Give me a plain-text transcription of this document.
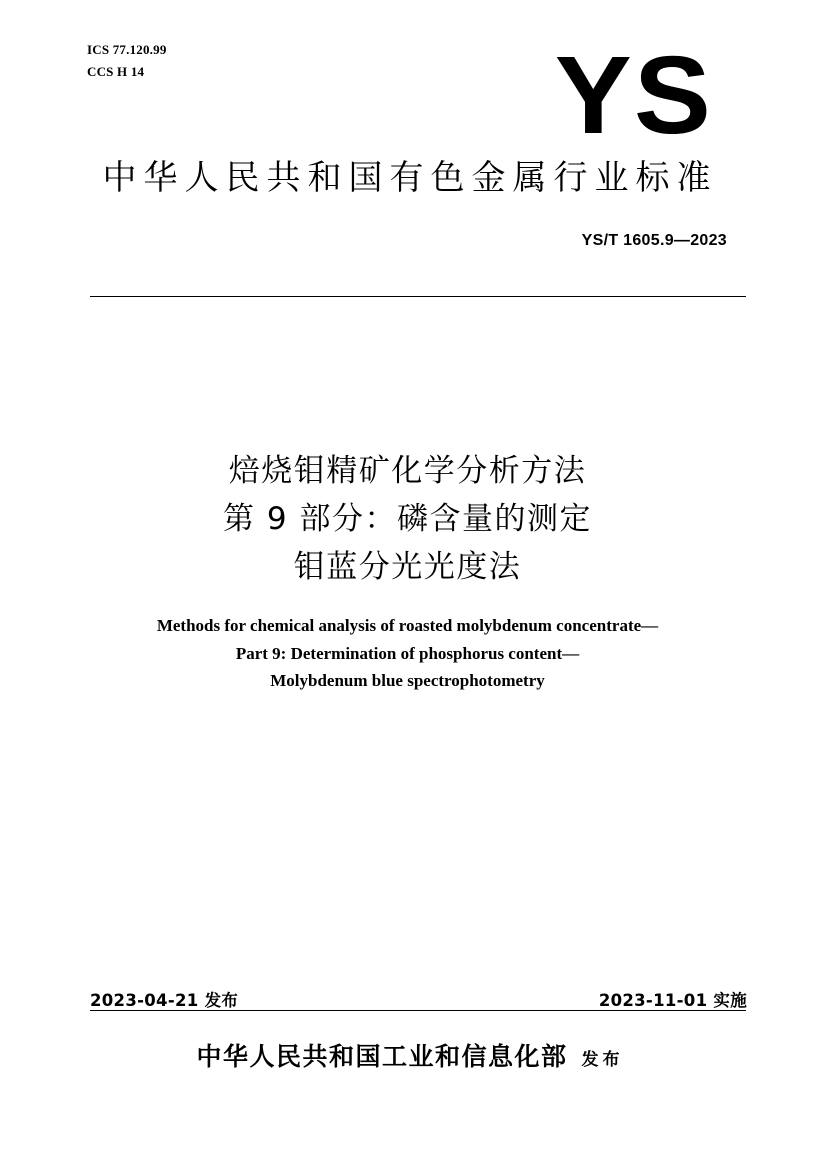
ICS 77.120.99
CCS H 14	YS
中华人民共和国有色金属行业标准
YS/T 1605.9—2023
焙烧钼精矿化学分析方法
第 9 部分：磷含量的测定
钼蓝分光光度法
Methods for chemical analysis of roasted molybdenum concentrate—
Part 9: Determination of phosphorus content—
Molybdenum blue spectrophotometry
2023-04-21 发布	2023-11-01 实施
中华人民共和国工业和信息化部 发布
